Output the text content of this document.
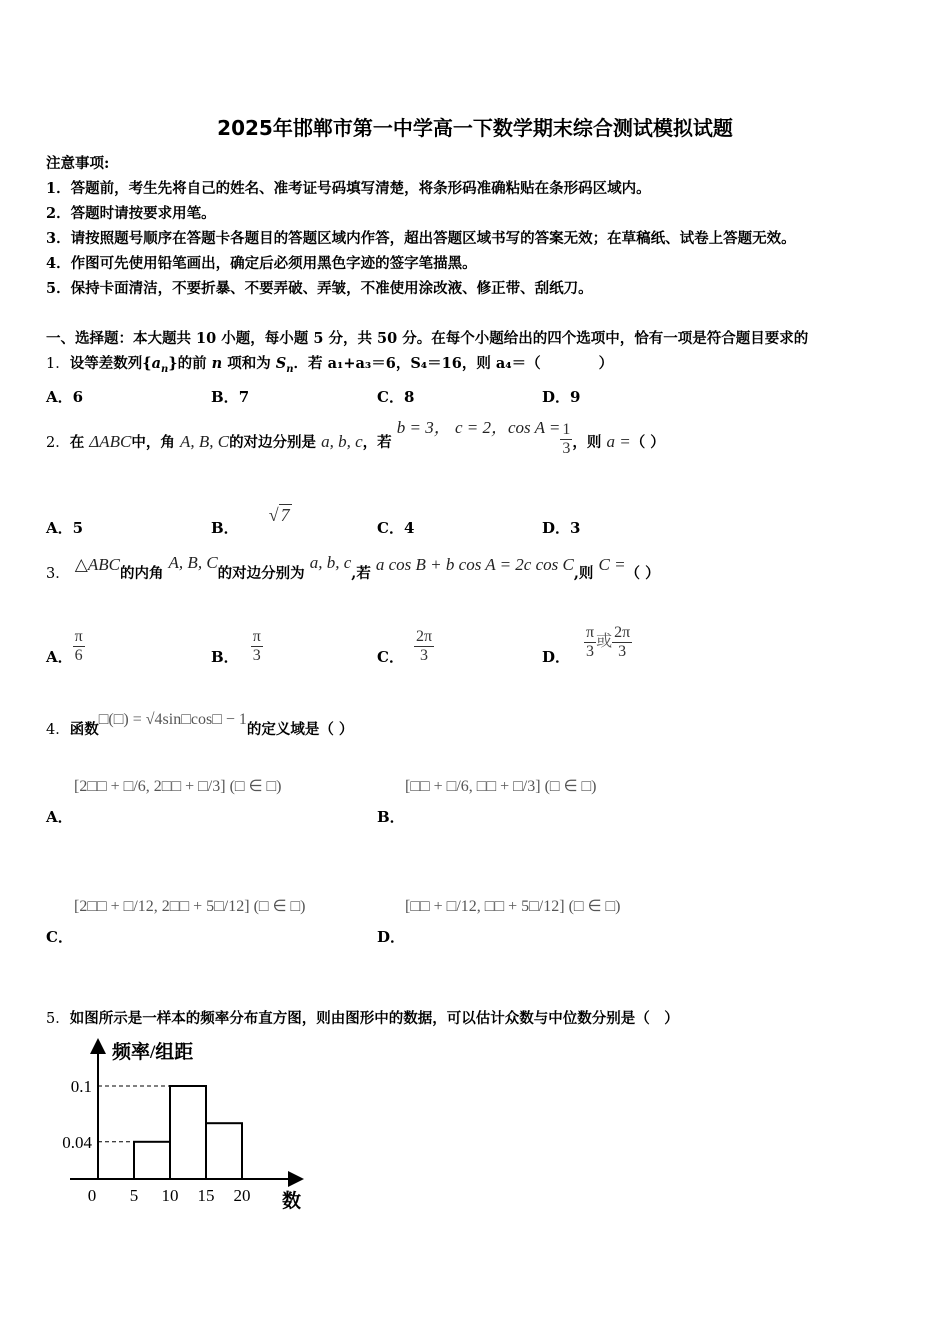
2025年邯郸市第一中学高一下数学期末综合测试模拟试题
注意事项:
1．答题前，考生先将自己的姓名、准考证号码填写清楚，将条形码准确粘贴在条形码区域内。
2．答题时请按要求用笔。
3．请按照题号顺序在答题卡各题目的答题区域内作答，超出答题区域书写的答案无效；在草稿纸、试卷上答题无效。
4．作图可先使用铅笔画出，确定后必须用黑色字迹的签字笔描黑。
5．保持卡面清洁，不要折暴、不要弄破、弄皱，不准使用涂改液、修正带、刮纸刀。
一、选择题：本大题共 10 小题，每小题 5 分，共 50 分。在每个小题给出的四个选项中，恰有一项是符合题目要求的
1．设等差数列$\{a_n\}$的前 n 项和为 $S_n$．若 a₁+a₃＝6，S₄＝16，则 a₄＝（　　　　）
A．6	B．7	C．8	D．9
2．在 ΔABC中，角 A, B, C的对边分别是 a, b, c，若 b = 3， c = 2，$\cos A = \frac{1}{3}$ ，则 a =（ ）
A．5	B．√ 7
C．4	D．3
3． △ABC的内角 A, B, C的对边分别为 a, b, c,若 a cos B + b cos A = 2c cos C,则 C =（ ）
A． $\frac{\pi}{6}$	B． $\frac{\pi}{3}$	C． $\frac{2\pi}{3}$	D． $\frac{\pi}{3}$ 或 $\frac{2\pi}{3}$
4．函数□(□) = √4sin□cos□ − 1的定义域是（ ）
[2□□ + □/6, 2□□ + □/3] (□ ∈ □)
A．
[□□ + □/6, □□ + □/3] (□ ∈ □)
B．
[2□□ + □/12, 2□□ + 5□/12] (□ ∈ □)
C．
[□□ + □/12, □□ + 5□/12] (□ ∈ □)
D．
5．如图所示是一样本的频率分布直方图，则由图形中的数据，可以估计众数与中位数分别是（　）
0 5 10 15 20
0.1
0.04
频率/组距
数
